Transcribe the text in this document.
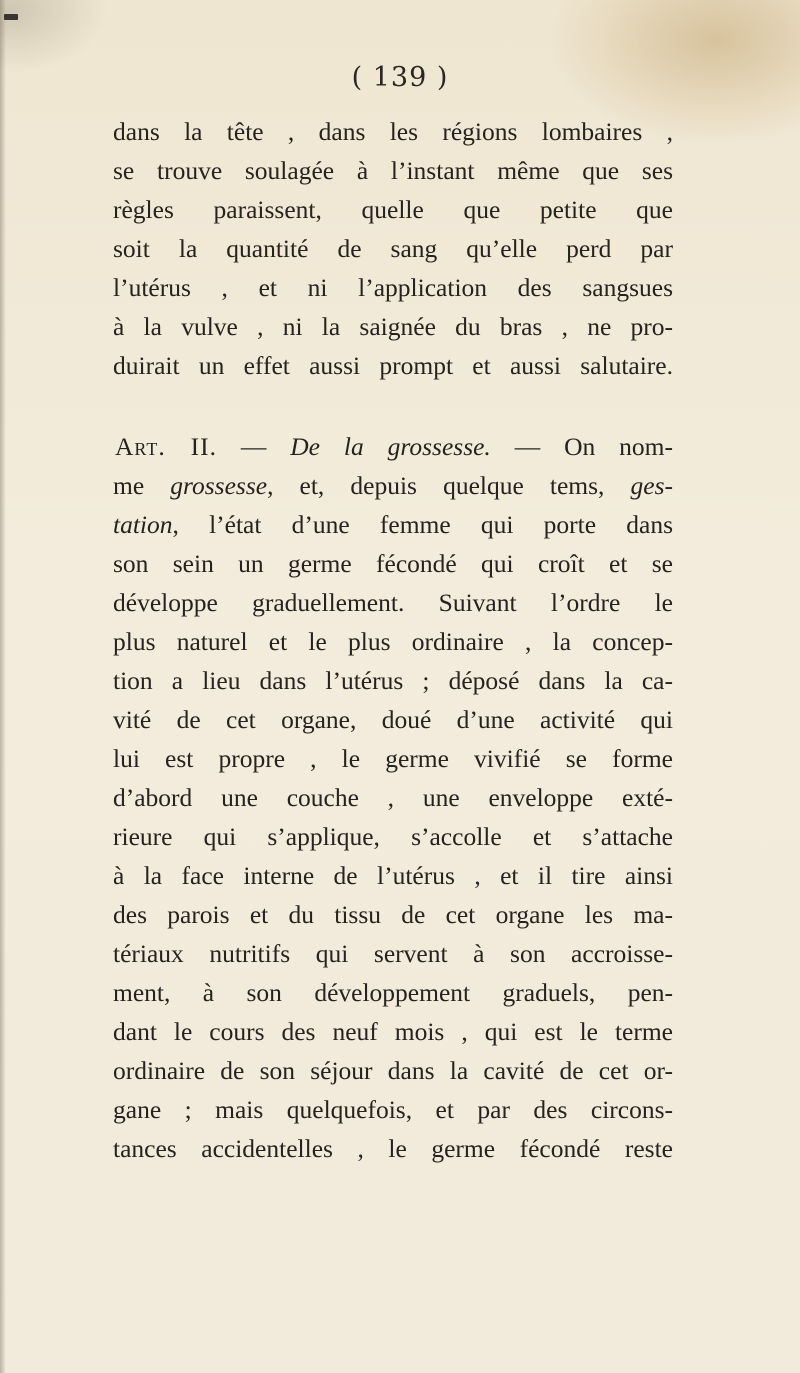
( 139 )
dans la tête , dans les régions lombaires ,
se trouve soulagée à l’instant même que ses
règles paraissent, quelle que petite que
soit la quantité de sang qu’elle perd par
l’utérus , et ni l’application des sangsues
à la vulve , ni la saignée du bras , ne pro-
duirait un effet aussi prompt et aussi salutaire.
Art. II. — De la grossesse. — On nom-
me grossesse, et, depuis quelque tems, ges-
tation, l’état d’une femme qui porte dans
son sein un germe fécondé qui croît et se
développe graduellement. Suivant l’ordre le
plus naturel et le plus ordinaire , la concep-
tion a lieu dans l’utérus ; déposé dans la ca-
vité de cet organe, doué d’une activité qui
lui est propre , le germe vivifié se forme
d’abord une couche , une enveloppe exté-
rieure qui s’applique, s’accolle et s’attache
à la face interne de l’utérus , et il tire ainsi
des parois et du tissu de cet organe les ma-
tériaux nutritifs qui servent à son accroisse-
ment, à son développement graduels, pen-
dant le cours des neuf mois , qui est le terme
ordinaire de son séjour dans la cavité de cet or-
gane ; mais quelquefois, et par des circons-
tances accidentelles , le germe fécondé reste
